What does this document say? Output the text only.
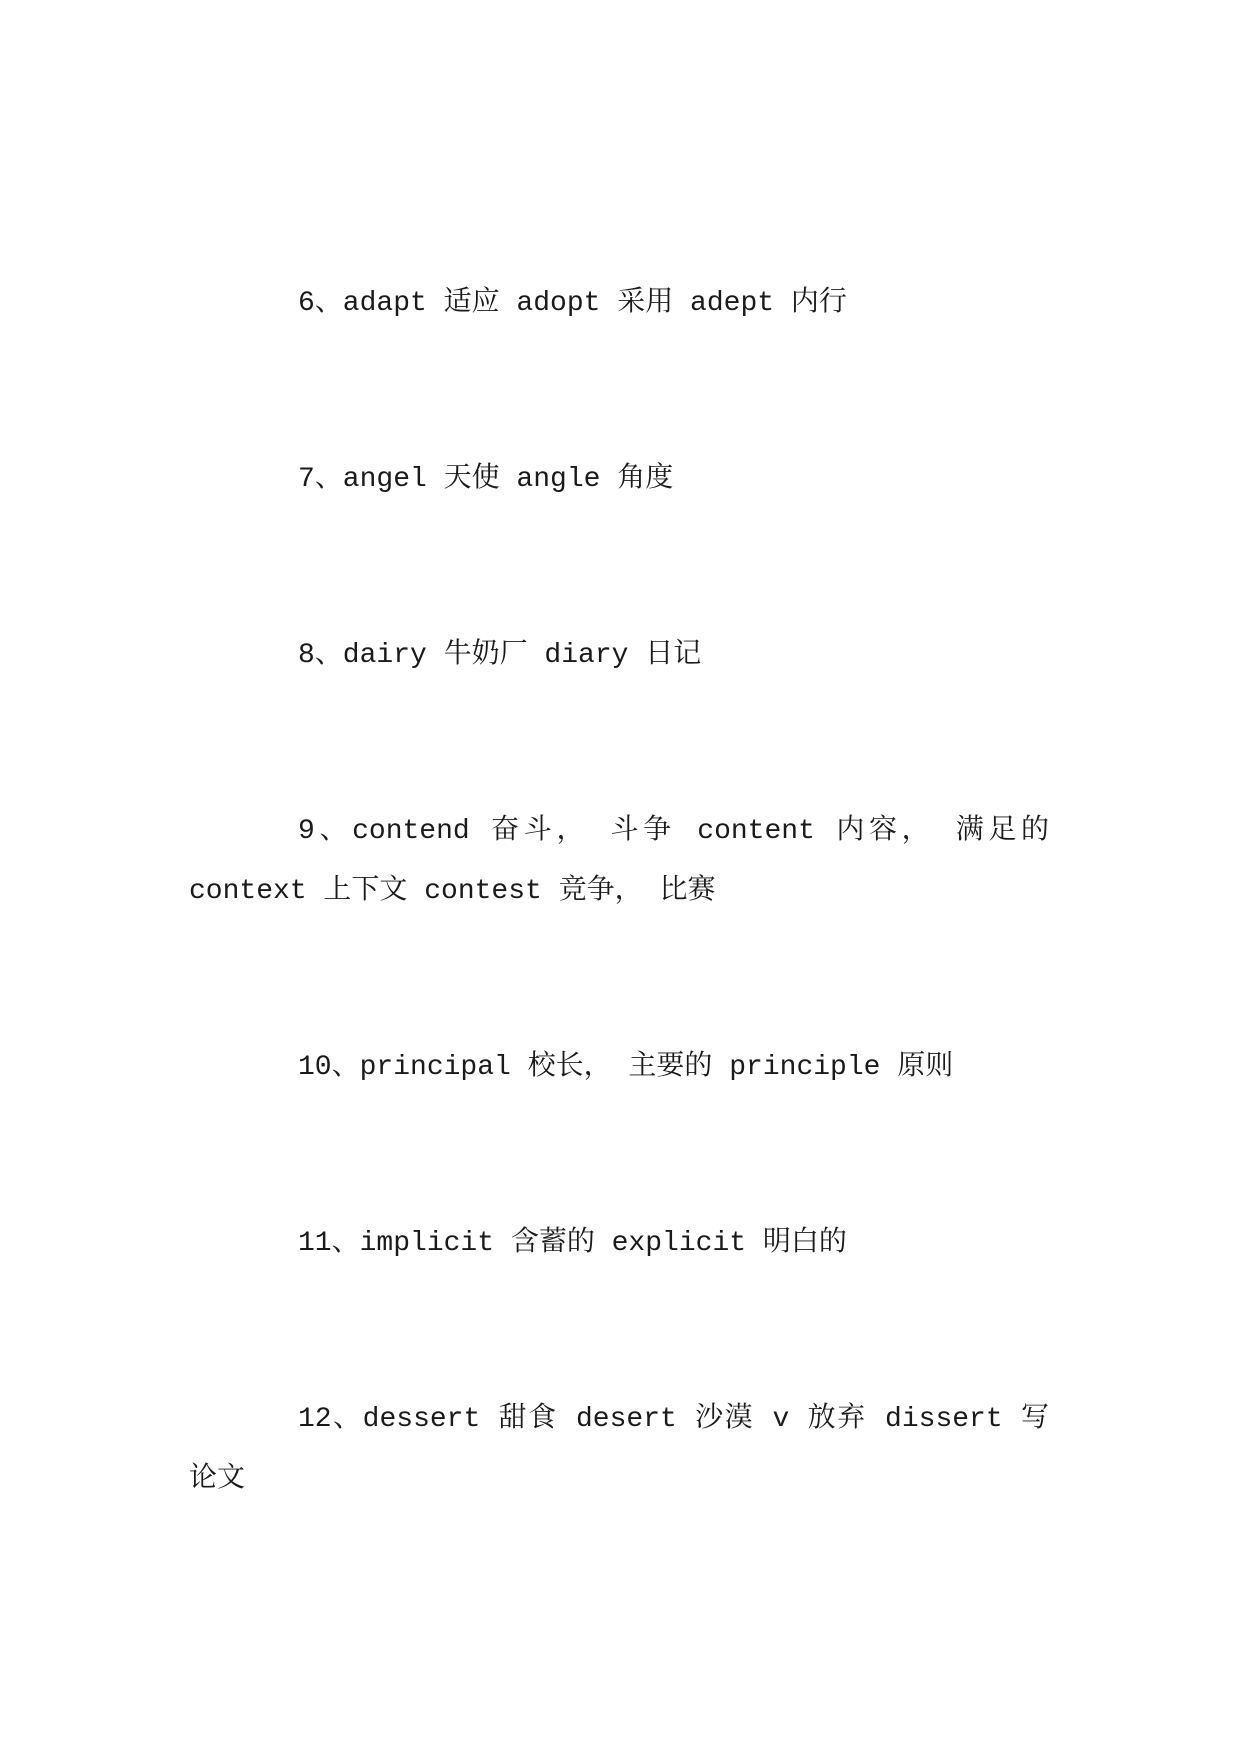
6、adapt 适应 adopt 采用 adept 内行

7、angel 天使 angle 角度

8、dairy 牛奶厂 diary 日记

9、contend 奋斗， 斗争 content 内容， 满足的 context 上下文 contest 竞争， 比赛

10、principal 校长， 主要的 principle 原则

11、implicit 含蓄的 explicit 明白的

12、dessert 甜食 desert 沙漠 v 放弃 dissert 写论文
